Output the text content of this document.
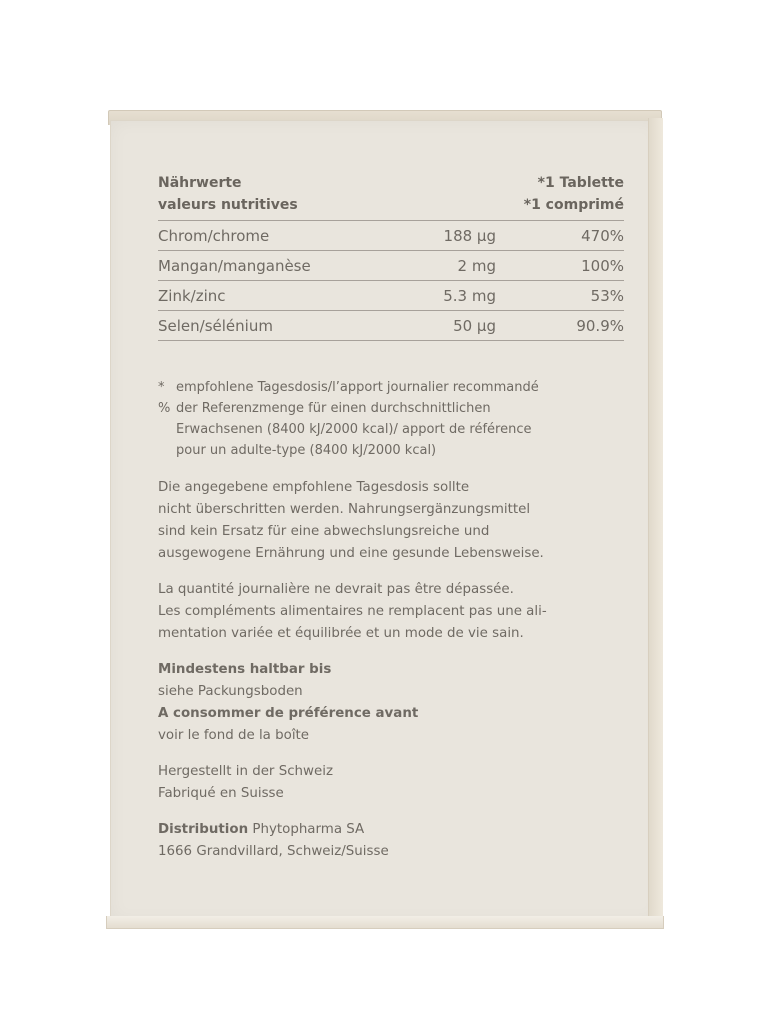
Nährwerte
valeurs nutritives
*1 Tablette
*1 comprimé
Chrom/chrome	188 µg	470%
Mangan/manganèse	2 mg	100%
Zink/zinc	5.3 mg	53%
Selen/sélénium	50 µg	90.9%
* empfohlene Tagesdosis/l’apport journalier recommandé
% der Referenzmenge für einen durchschnittlichen
Erwachsenen (8400 kJ/2000 kcal)/ apport de référence
pour un adulte-type (8400 kJ/2000 kcal)
Die angegebene empfohlene Tagesdosis sollte
nicht überschritten werden. Nahrungsergänzungsmittel
sind kein Ersatz für eine abwechslungsreiche und
ausgewogene Ernährung und eine gesunde Lebensweise.
La quantité journalière ne devrait pas être dépassée.
Les compléments alimentaires ne remplacent pas une ali-
mentation variée et équilibrée et un mode de vie sain.
Mindestens haltbar bis
siehe Packungsboden
A consommer de préférence avant
voir le fond de la boîte
Hergestellt in der Schweiz
Fabriqué en Suisse
Distribution Phytopharma SA
1666 Grandvillard, Schweiz/Suisse
